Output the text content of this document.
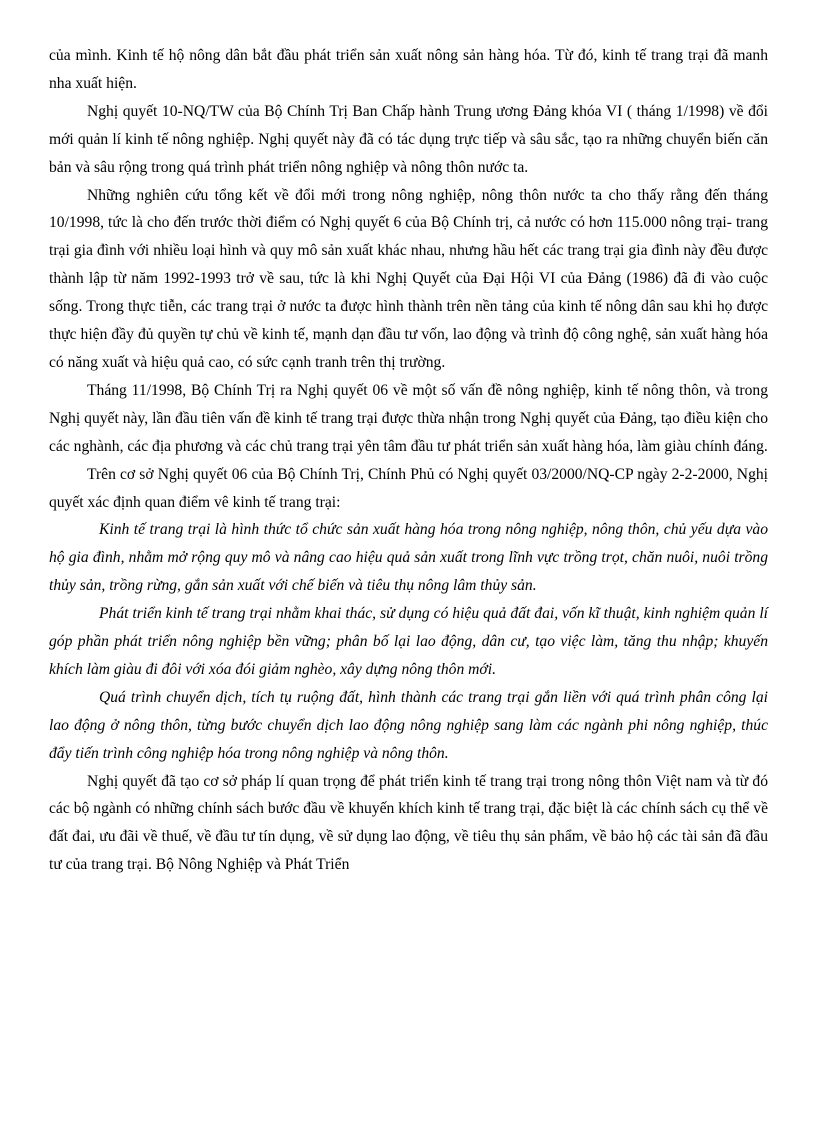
của mình. Kinh tế hộ nông dân bắt đầu phát triển sản xuất nông sản hàng hóa. Từ đó, kinh tế trang trại đã manh nha xuất hiện.

Nghị quyết 10-NQ/TW của Bộ Chính Trị Ban Chấp hành Trung ương Đảng khóa VI ( tháng 1/1998) về đổi mới quản lí kinh tế nông nghiệp. Nghị quyết này đã có tác dụng trực tiếp và sâu sắc, tạo ra những chuyển biến căn bản và sâu rộng trong quá trình phát triển nông nghiệp và nông thôn nước ta.

Những nghiên cứu tổng kết về đổi mới trong nông nghiệp, nông thôn nước ta cho thấy rằng đến tháng 10/1998, tức là cho đến trước thời điểm có Nghị quyết 6 của Bộ Chính trị, cả nước có hơn 115.000 nông trại- trang trại gia đình với nhiều loại hình và quy mô sản xuất khác nhau, nhưng hầu hết các trang trại gia đình này đều được thành lập từ năm 1992-1993 trở về sau, tức là khi Nghị Quyết của Đại Hội VI của Đảng (1986) đã đi vào cuộc sống. Trong thực tiễn, các trang trại ở nước ta được hình thành trên nền tảng của kinh tế nông dân sau khi họ được thực hiện đầy đủ quyền tự chủ về kinh tế, mạnh dạn đầu tư vốn, lao động và trình độ công nghệ, sản xuất hàng hóa có năng xuất và hiệu quả cao, có sức cạnh tranh trên thị trường.

Tháng 11/1998, Bộ Chính Trị ra Nghị quyết 06 về một số vấn đề nông nghiệp, kinh tế nông thôn, và trong Nghị quyết này, lần đầu tiên vấn đề kinh tế trang trại được thừa nhận trong Nghị quyết của Đảng, tạo điều kiện cho các nghành, các địa phương và các chủ trang trại yên tâm đầu tư phát triển sản xuất hàng hóa, làm giàu chính đáng.

Trên cơ sở Nghị quyết 06 của Bộ Chính Trị, Chính Phủ có Nghị quyết 03/2000/NQ-CP ngày 2-2-2000, Nghị quyết xác định quan điểm vê kinh tế trang trại:

Kinh tế trang trại là hình thức tổ chức sản xuất hàng hóa trong nông nghiệp, nông thôn, chủ yếu dựa vào hộ gia đình, nhằm mở rộng quy mô và nâng cao hiệu quả sản xuất trong lĩnh vực trồng trọt, chăn nuôi, nuôi trồng thủy sản, trồng rừng, gắn sản xuất với chế biến và tiêu thụ nông lâm thủy sản.

Phát triển kinh tế trang trại nhằm khai thác, sử dụng có hiệu quả đất đai, vốn kĩ thuật, kinh nghiệm quản lí góp phần phát triển nông nghiệp bền vững; phân bố lại lao động, dân cư, tạo việc làm, tăng thu nhập; khuyến khích làm giàu đi đôi với xóa đói giảm nghèo, xây dựng nông thôn mới.

Quá trình chuyển dịch, tích tụ ruộng đất, hình thành các trang trại gắn liền với quá trình phân công lại lao động ở nông thôn, từng bước chuyển dịch lao động nông nghiệp sang làm các ngành phi nông nghiệp, thúc đẩy tiến trình công nghiệp hóa trong nông nghiệp và nông thôn.

Nghị quyết đã tạo cơ sở pháp lí quan trọng để phát triển kinh tế trang trại trong nông thôn Việt nam và từ đó các bộ ngành có những chính sách bước đầu về khuyến khích kinh tế trang trại, đặc biệt là các chính sách cụ thể về đất đai, ưu đãi về thuế, về đầu tư tín dụng, về sử dụng lao động, về tiêu thụ sản phẩm, về bảo hộ các tài sản đã đầu tư của trang trại. Bộ Nông Nghiệp và Phát Triển
